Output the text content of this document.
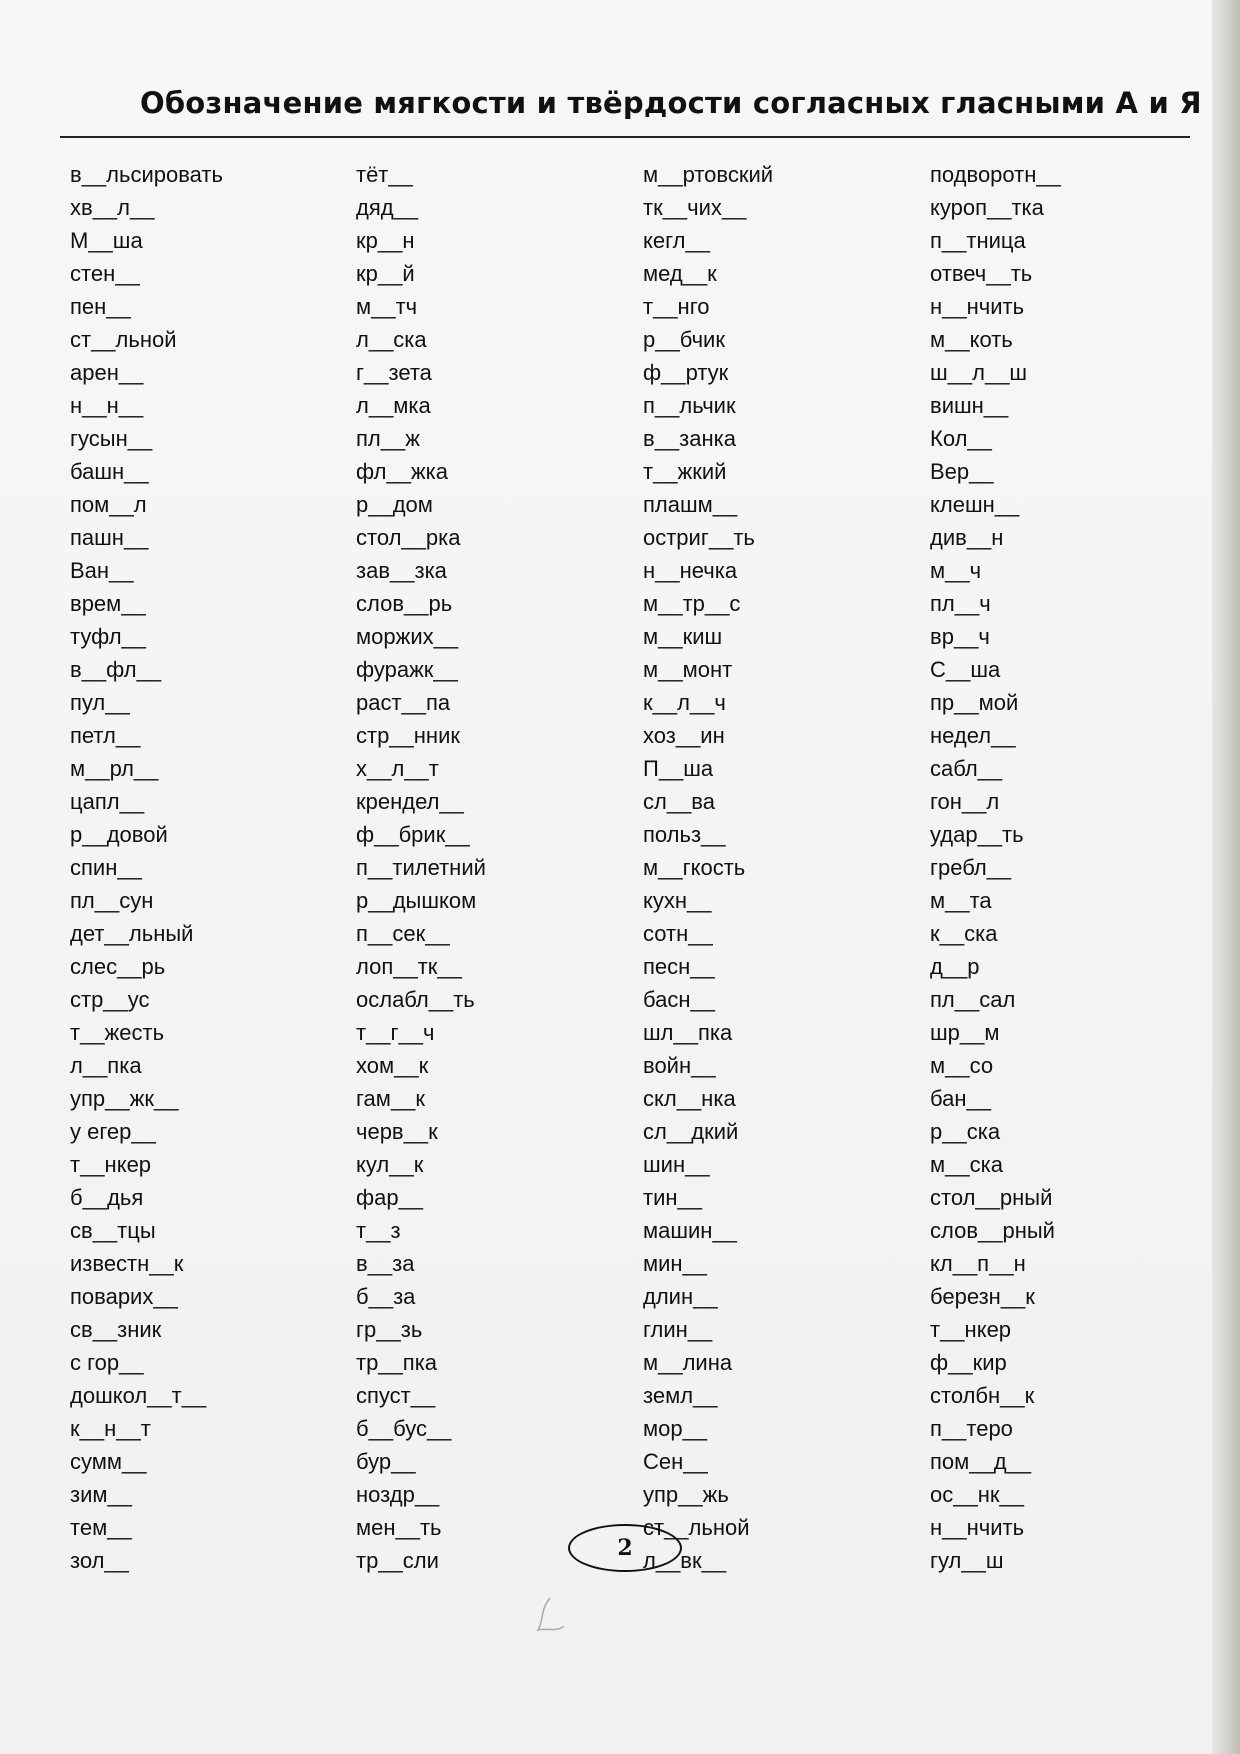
Обозначение мягкости и твёрдости согласных гласными А и Я
в__льсировать
хв__л__
М__ша
стен__
пен__
ст__льной
арен__
н__н__
гусын__
башн__
пом__л
пашн__
Ван__
врем__
туфл__
в__фл__
пул__
петл__
м__рл__
цапл__
р__довой
спин__
пл__сун
дет__льный
слес__рь
стр__ус
т__жесть
л__пка
упр__жк__
у егер__
т__нкер
б__дья
св__тцы
известн__к
поварих__
св__зник
с гор__
дошкол__т__
к__н__т
сумм__
зим__
тем__
зол__
тёт__
дяд__
кр__н
кр__й
м__тч
л__ска
г__зета
л__мка
пл__ж
фл__жка
р__дом
стол__рка
зав__зка
слов__рь
моржих__
фуражк__
раст__па
стр__нник
х__л__т
крендел__
ф__брик__
п__тилетний
р__дышком
п__сек__
лоп__тк__
ослабл__ть
т__г__ч
хом__к
гам__к
черв__к
кул__к
фар__
т__з
в__за
б__за
гр__зь
тр__пка
спуст__
б__бус__
бур__
ноздр__
мен__ть
тр__сли
м__ртовский
тк__чих__
кегл__
мед__к
т__нго
р__бчик
ф__ртук
п__льчик
в__занка
т__жкий
плашм__
остриг__ть
н__нечка
м__тр__с
м__киш
м__монт
к__л__ч
хоз__ин
П__ша
сл__ва
польз__
м__гкость
кухн__
сотн__
песн__
басн__
шл__пка
войн__
скл__нка
сл__дкий
шин__
тин__
машин__
мин__
длин__
глин__
м__лина
земл__
мор__
Сен__
упр__жь
ст__льной
л__вк__
подворотн__
куроп__тка
п__тница
отвеч__ть
н__нчить
м__коть
ш__л__ш
вишн__
Кол__
Вер__
клешн__
див__н
м__ч
пл__ч
вр__ч
С__ша
пр__мой
недел__
сабл__
гон__л
удар__ть
гребл__
м__та
к__ска
д__р
пл__сал
шр__м
м__со
бан__
р__ска
м__ска
стол__рный
слов__рный
кл__п__н
березн__к
т__нкер
ф__кир
столбн__к
п__теро
пом__д__
ос__нк__
н__нчить
гул__ш
2
